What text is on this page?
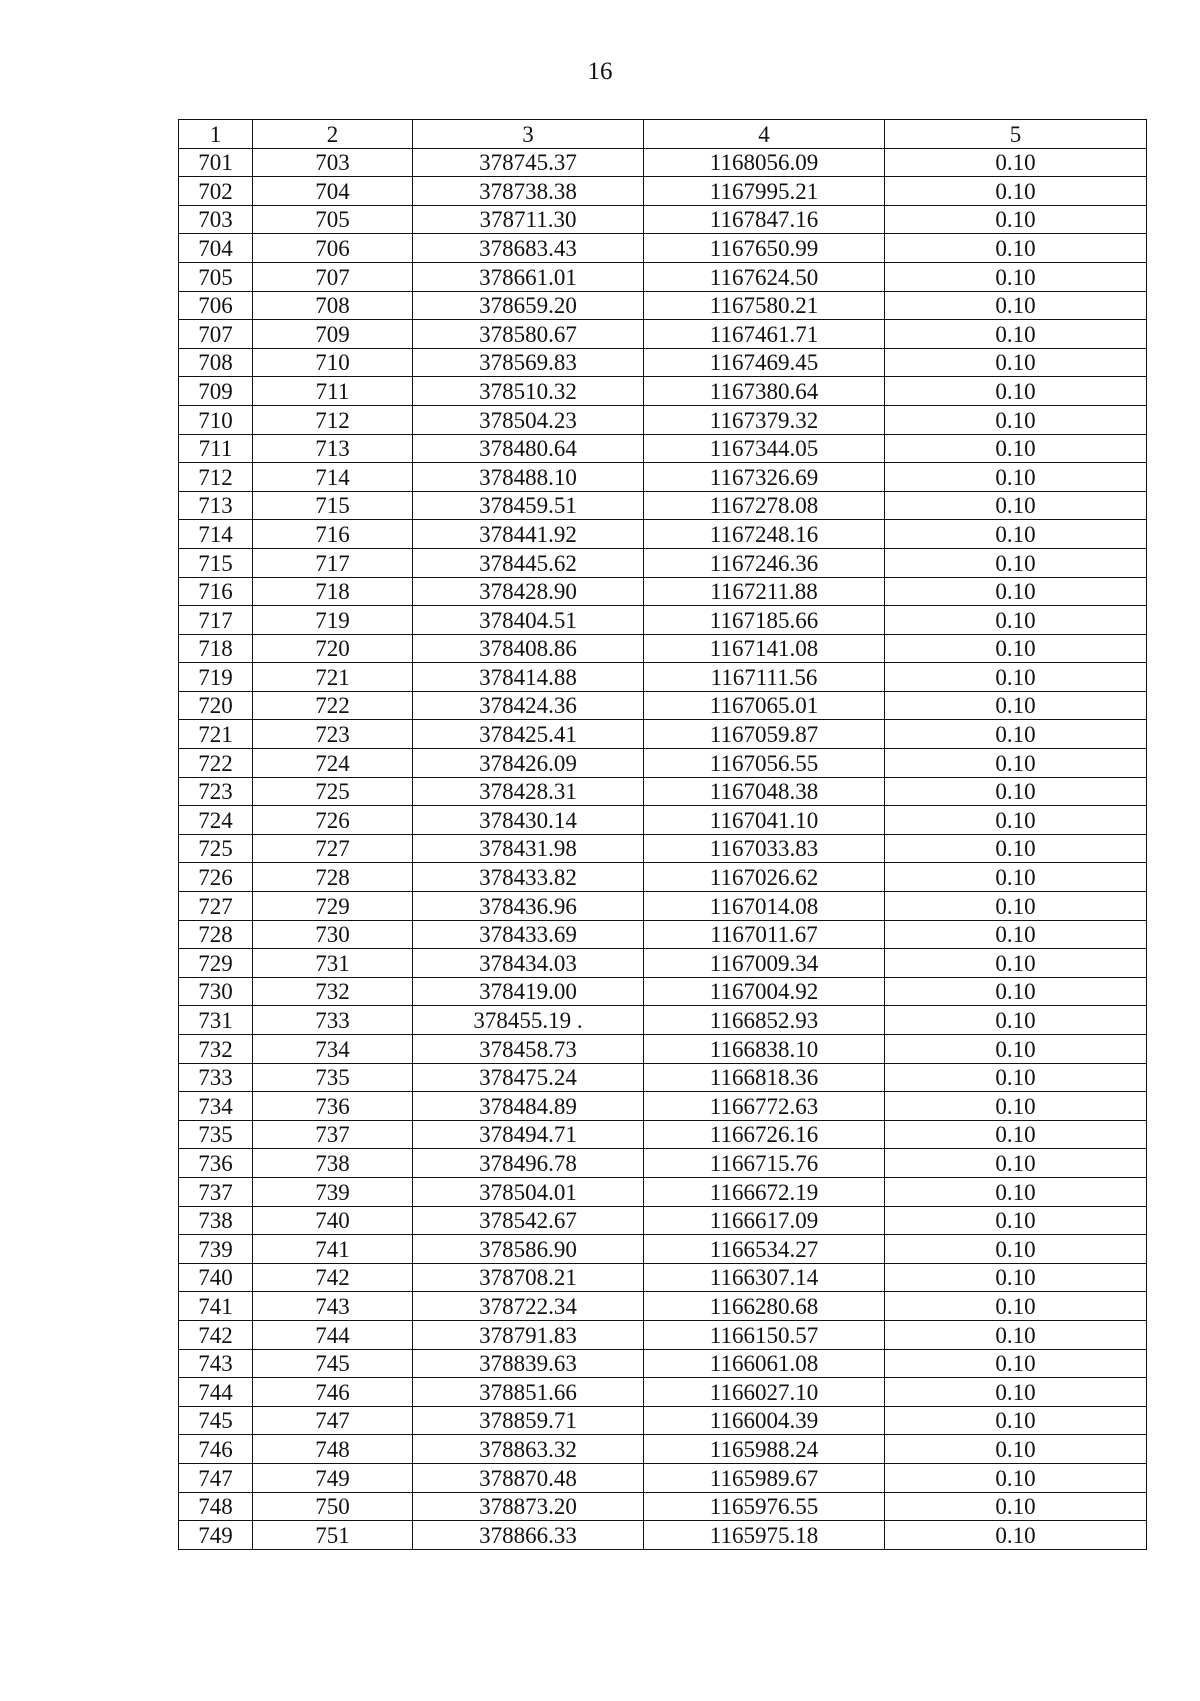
16
1	2	3	4	5
701	703	378745.37	1168056.09	0.10
702	704	378738.38	1167995.21	0.10
703	705	378711.30	1167847.16	0.10
704	706	378683.43	1167650.99	0.10
705	707	378661.01	1167624.50	0.10
706	708	378659.20	1167580.21	0.10
707	709	378580.67	1167461.71	0.10
708	710	378569.83	1167469.45	0.10
709	711	378510.32	1167380.64	0.10
710	712	378504.23	1167379.32	0.10
711	713	378480.64	1167344.05	0.10
712	714	378488.10	1167326.69	0.10
713	715	378459.51	1167278.08	0.10
714	716	378441.92	1167248.16	0.10
715	717	378445.62	1167246.36	0.10
716	718	378428.90	1167211.88	0.10
717	719	378404.51	1167185.66	0.10
718	720	378408.86	1167141.08	0.10
719	721	378414.88	1167111.56	0.10
720	722	378424.36	1167065.01	0.10
721	723	378425.41	1167059.87	0.10
722	724	378426.09	1167056.55	0.10
723	725	378428.31	1167048.38	0.10
724	726	378430.14	1167041.10	0.10
725	727	378431.98	1167033.83	0.10
726	728	378433.82	1167026.62	0.10
727	729	378436.96	1167014.08	0.10
728	730	378433.69	1167011.67	0.10
729	731	378434.03	1167009.34	0.10
730	732	378419.00	1167004.92	0.10
731	733	378455.19 .	1166852.93	0.10
732	734	378458.73	1166838.10	0.10
733	735	378475.24	1166818.36	0.10
734	736	378484.89	1166772.63	0.10
735	737	378494.71	1166726.16	0.10
736	738	378496.78	1166715.76	0.10
737	739	378504.01	1166672.19	0.10
738	740	378542.67	1166617.09	0.10
739	741	378586.90	1166534.27	0.10
740	742	378708.21	1166307.14	0.10
741	743	378722.34	1166280.68	0.10
742	744	378791.83	1166150.57	0.10
743	745	378839.63	1166061.08	0.10
744	746	378851.66	1166027.10	0.10
745	747	378859.71	1166004.39	0.10
746	748	378863.32	1165988.24	0.10
747	749	378870.48	1165989.67	0.10
748	750	378873.20	1165976.55	0.10
749	751	378866.33	1165975.18	0.10
